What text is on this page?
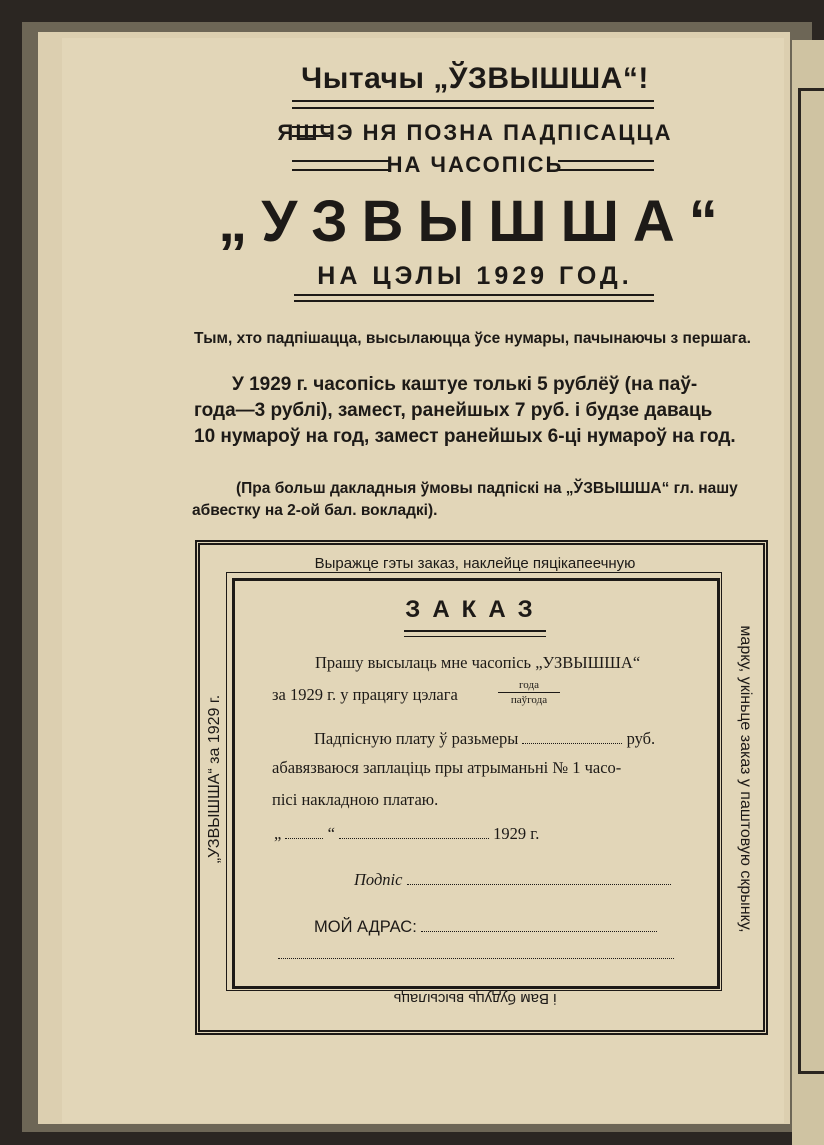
Чытачы „ЎЗВЫШША“!
ЯШЧЭ НЯ ПОЗНА ПАДПІСАЦЦА
НА ЧАСОПІСЬ
„УЗВЫШША“
НА ЦЭЛЫ 1929 ГОД.
Тым, хто падпішацца, высылаюцца ўсе нумары, пачынаючы з першага.
У 1929 г. часопісь каштуе толькі 5 рублёў (на паў-
года—3 рублі), замест, ранейшых 7 руб. і будзе даваць
10 нумароў на год, замест ранейшых 6-ці нумароў на год.
(Пра больш дакладныя ўмовы падпіскі на „ЎЗВЫШША“ гл. нашу
абвестку на 2-ой бал. вокладкі).
Выражце гэты заказ, наклейце пяцікапеечную
марку, укіньце заказ у паштовую скрынку,
і Вам будуць высылаць
„УЗВЫШША“ за 1929 г.
ЗАКАЗ
Прашу высылаць мне часопісь „УЗВЫШША“
за 1929 г. у працягу цэлага	года
паўгода
Падпісную плату ў разьмеры	руб.
абавязваюся заплаціць пры атрыманьні № 1 часо-
пісі накладною платаю.
„	“	1929 г.
Подпіс
МОЙ АДРАС:
